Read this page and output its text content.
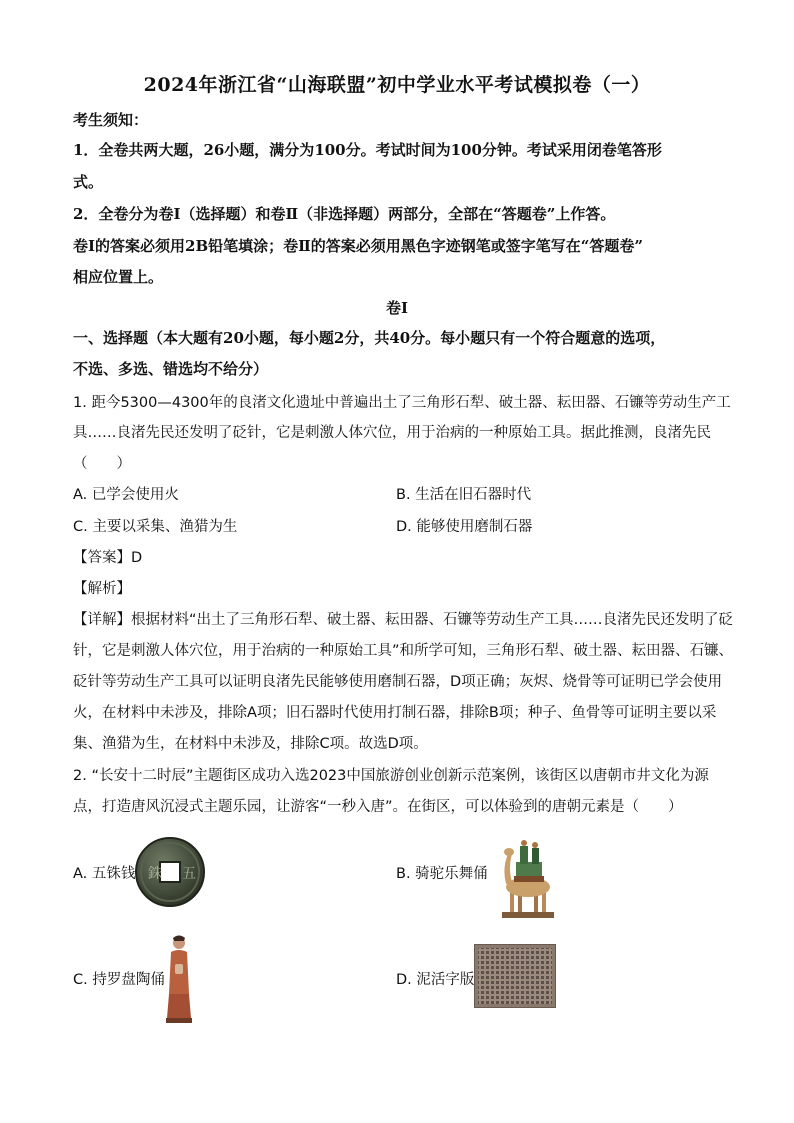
2024年浙江省“山海联盟”初中学业水平考试模拟卷（一）
考生须知：
1．全卷共两大题，26小题，满分为100分。考试时间为100分钟。考试采用闭卷笔答形
式。
2．全卷分为卷Ⅰ（选择题）和卷Ⅱ（非选择题）两部分，全部在“答题卷”上作答。
卷Ⅰ的答案必须用2B铅笔填涂；卷Ⅱ的答案必须用黑色字迹钢笔或签字笔写在“答题卷”
相应位置上。
卷Ⅰ
一、选择题（本大题有20小题，每小题2分，共40分。每小题只有一个符合题意的选项，
不选、多选、错选均不给分）
1. 距今5300—4300年的良渚文化遗址中普遍出土了三角形石犁、破土器、耘田器、石镰等劳动生产工
具……良渚先民还发明了砭针，它是刺激人体穴位，用于治病的一种原始工具。据此推测，良渚先民
（　　）
A. 已学会使用火	B. 生活在旧石器时代
C. 主要以采集、渔猎为生	D. 能够使用磨制石器
【答案】D
【解析】
【详解】根据材料“出土了三角形石犁、破土器、耘田器、石镰等劳动生产工具……良渚先民还发明了砭
针，它是刺激人体穴位，用于治病的一种原始工具”和所学可知，三角形石犁、破土器、耘田器、石镰、
砭针等劳动生产工具可以证明良渚先民能够使用磨制石器，D项正确；灰烬、烧骨等可证明已学会使用
火，在材料中未涉及，排除A项；旧石器时代使用打制石器，排除B项；种子、鱼骨等可证明主要以采
集、渔猎为生，在材料中未涉及，排除C项。故选D项。
2. “长安十二时辰”主题街区成功入选2023中国旅游创业创新示范案例，该街区以唐朝市井文化为源
点，打造唐风沉浸式主题乐园，让游客“一秒入唐”。在街区，可以体验到的唐朝元素是（　　）
A. 五铢钱 銖 五	B. 骑驼乐舞俑
C. 持罗盘陶俑	D. 泥活字版
